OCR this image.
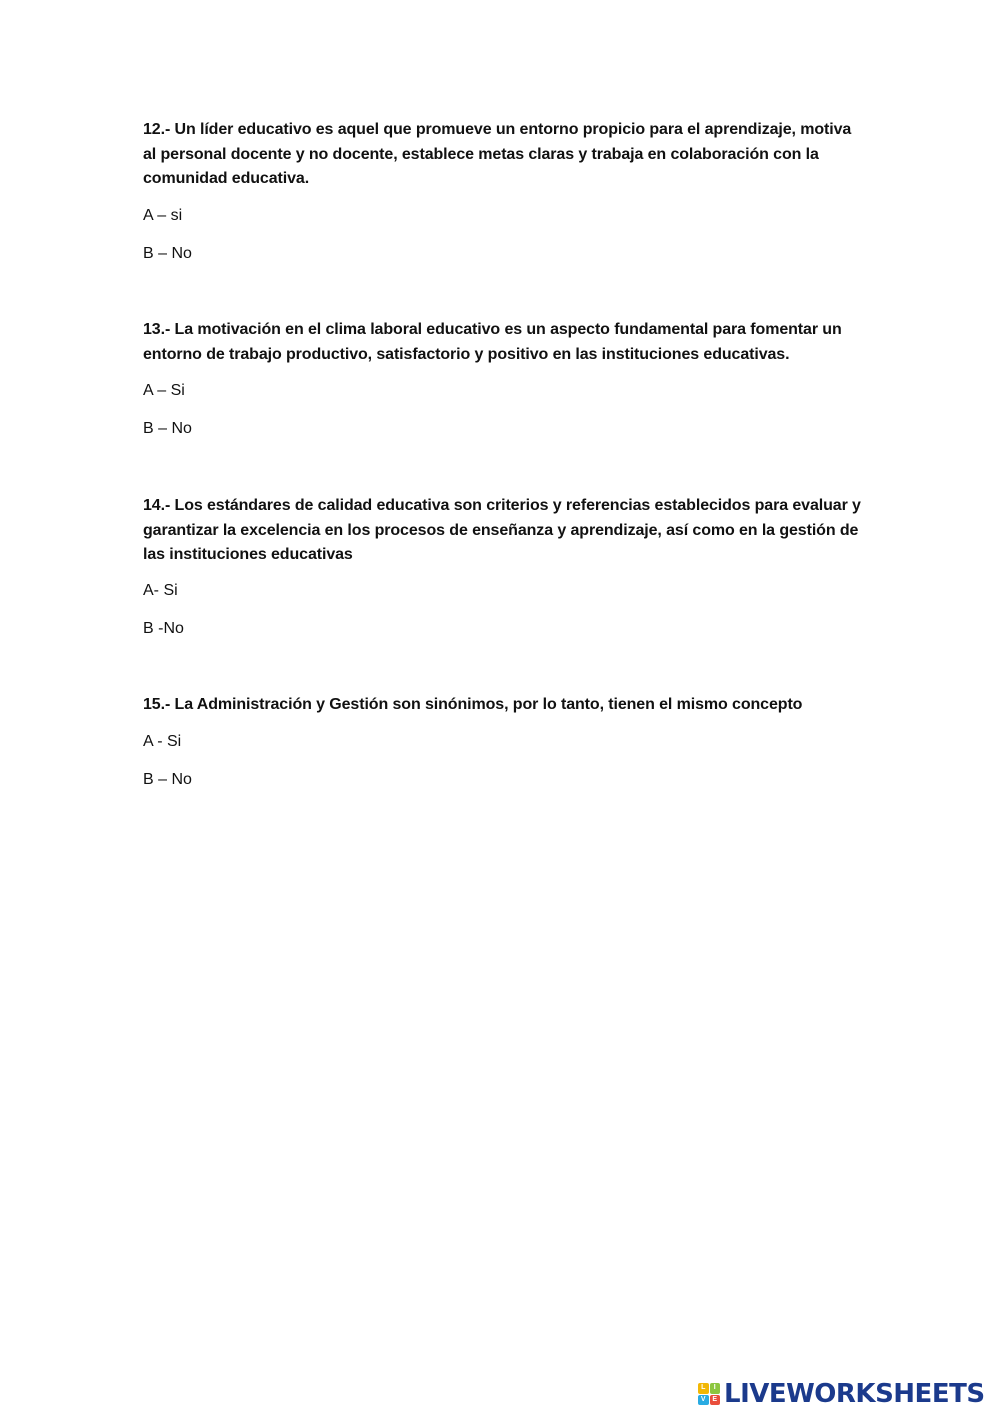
12.- Un líder educativo es aquel que promueve un entorno propicio para el aprendizaje, motiva al personal docente y no docente, establece metas claras y trabaja en colaboración con la comunidad educativa.
A – si
B – No
13.- La motivación en el clima laboral educativo es un aspecto fundamental para fomentar un entorno de trabajo productivo, satisfactorio y positivo en las instituciones educativas.
A – Si
B – No
14.- Los estándares de calidad educativa son criterios y referencias establecidos para evaluar y garantizar la excelencia en los procesos de enseñanza y aprendizaje, así como en la gestión de las instituciones educativas
A- Si
B -No
15.- La Administración y Gestión son sinónimos, por lo tanto, tienen el mismo concepto
A - Si
B – No
L	I
V E LIVEWORKSHEETS
